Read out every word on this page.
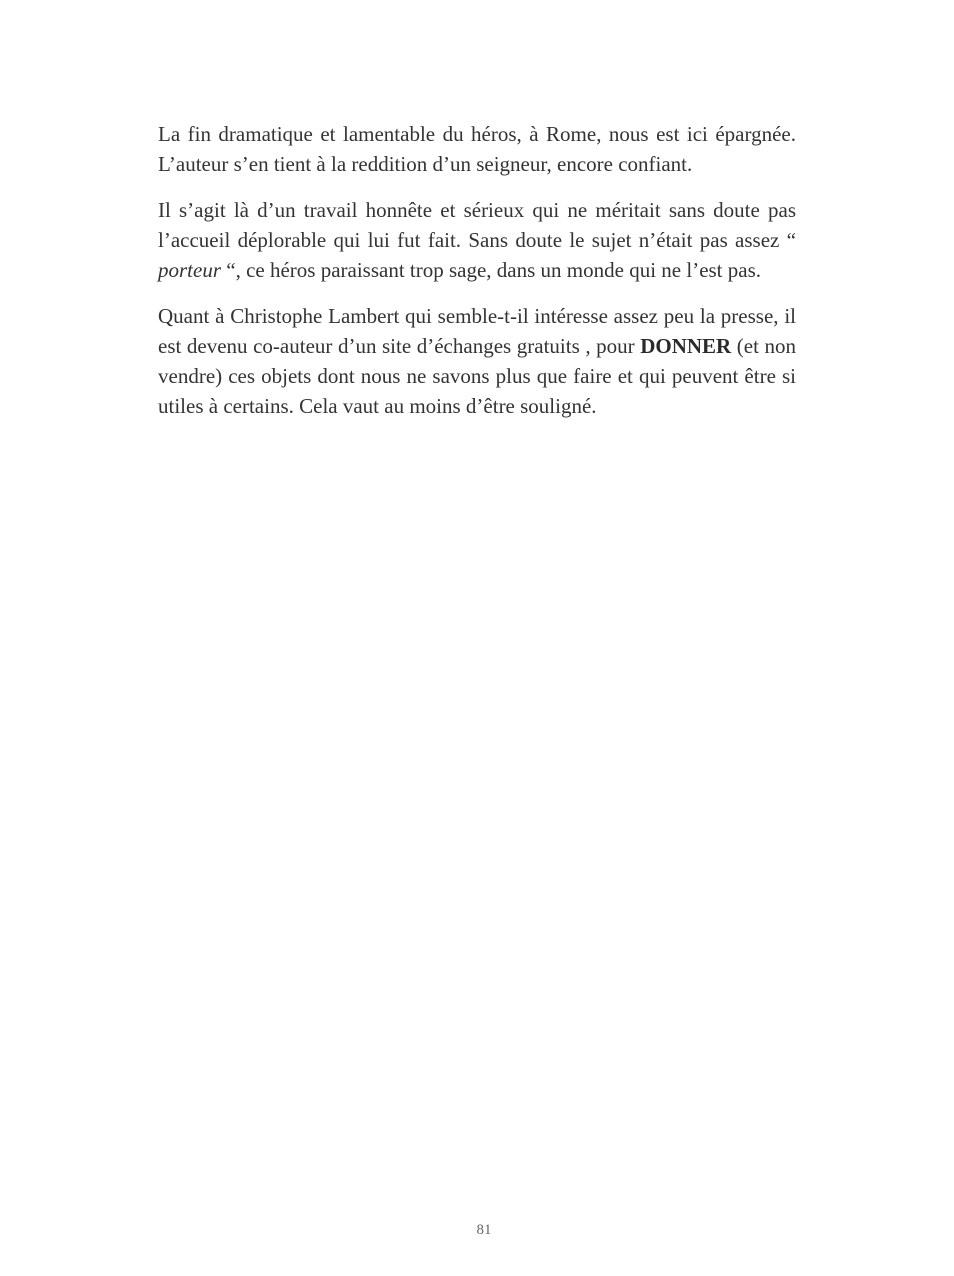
La fin dramatique et lamentable du héros, à Rome, nous est ici épargnée. L’auteur s’en tient à la reddition d’un seigneur, encore confiant.

Il s’agit là d’un travail honnête et sérieux qui ne méritait sans doute pas l’accueil déplorable qui lui fut fait. Sans doute le sujet n’était pas assez “ porteur “, ce héros paraissant trop sage, dans un monde qui ne l’est pas.

Quant à Christophe Lambert qui semble-t-il intéresse assez peu la presse, il est devenu co-auteur d’un site d’échanges gratuits , pour DONNER (et non vendre) ces objets dont nous ne savons plus que faire et qui peuvent être si utiles à certains. Cela vaut au moins d’être souligné.

81
